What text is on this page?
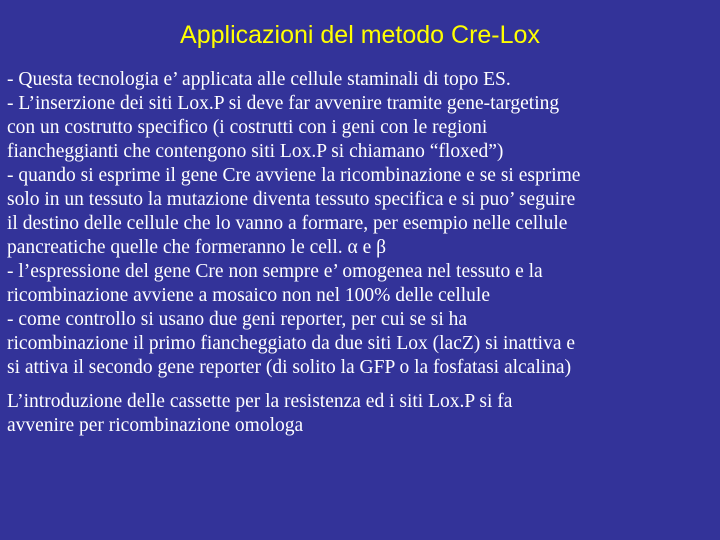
Applicazioni del metodo Cre-Lox
- Questa tecnologia e’ applicata alle cellule staminali di topo ES.
- L’inserzione dei siti Lox.P si deve far avvenire tramite gene-targeting
con un costrutto specifico (i costrutti con i geni con le regioni
fiancheggianti che contengono siti Lox.P si chiamano “floxed”)
- quando si esprime il gene Cre avviene la ricombinazione e se si esprime
solo in un tessuto la mutazione diventa tessuto specifica e si puo’ seguire
il destino delle cellule che lo vanno a formare, per esempio nelle cellule
pancreatiche quelle che formeranno le cell. α e β
- l’espressione del gene Cre non sempre e’ omogenea nel tessuto e la
ricombinazione avviene a mosaico non nel 100% delle cellule
- come controllo si usano due geni reporter, per cui se si ha
ricombinazione il primo fiancheggiato da due siti Lox (lacZ) si inattiva e
si attiva il secondo gene reporter (di solito la GFP o la fosfatasi alcalina)
L’introduzione delle cassette per la resistenza ed i siti Lox.P si fa
avvenire per ricombinazione omologa
